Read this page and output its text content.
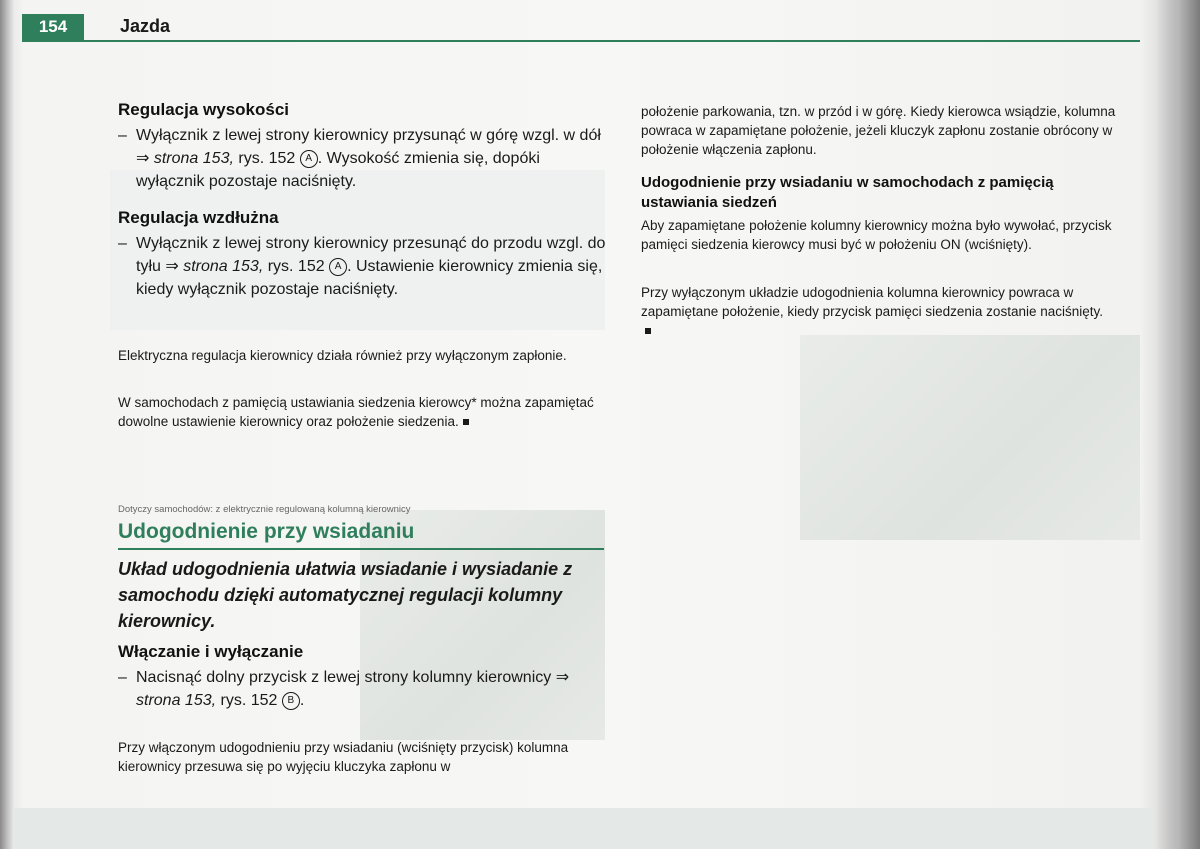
154	Jazda
Regulacja wysokości

– Wyłącznik z lewej strony kierownicy przysunąć w górę wzgl. w dół ⇒ strona 153, rys. 152 A . Wysokość zmienia się, dopóki wyłącznik pozostaje naciśnięty.

Regulacja wzdłużna

– Wyłącznik z lewej strony kierownicy przesunąć do przodu wzgl. do tyłu ⇒ strona 153, rys. 152 A . Ustawienie kierownicy zmienia się, kiedy wyłącznik pozostaje naciśnięty.

Elektryczna regulacja kierownicy działa również przy wyłączonym zapłonie.

W samochodach z pamięcią ustawiania siedzenia kierowcy* można zapamiętać dowolne ustawienie kierownicy oraz położenie siedzenia.

Dotyczy samochodów: z elektrycznie regulowaną kolumną kierownicy

Udogodnienie przy wsiadaniu

Układ udogodnienia ułatwia wsiadanie i wysiadanie z samochodu dzięki automatycznej regulacji kolumny kierownicy.

Włączanie i wyłączanie

– Nacisnąć dolny przycisk z lewej strony kolumny kierownicy ⇒ strona 153, rys. 152 B .

Przy włączonym udogodnieniu przy wsiadaniu (wciśnięty przycisk) kolumna kierownicy przesuwa się po wyjęciu kluczyka zapłonu w

położenie parkowania, tzn. w przód i w górę. Kiedy kierowca wsiądzie, kolumna powraca w zapamiętane położenie, jeżeli kluczyk zapłonu zostanie obrócony w położenie włączenia zapłonu.

Udogodnienie przy wsiadaniu w samochodach z pamięcią ustawiania siedzeń

Aby zapamiętane położenie kolumny kierownicy można było wywołać, przycisk pamięci siedzenia kierowcy musi być w położeniu ON (wciśnięty).

Przy wyłączonym układzie udogodnienia kolumna kierownicy powraca w zapamiętane położenie, kiedy przycisk pamięci siedzenia zostanie naciśnięty.
